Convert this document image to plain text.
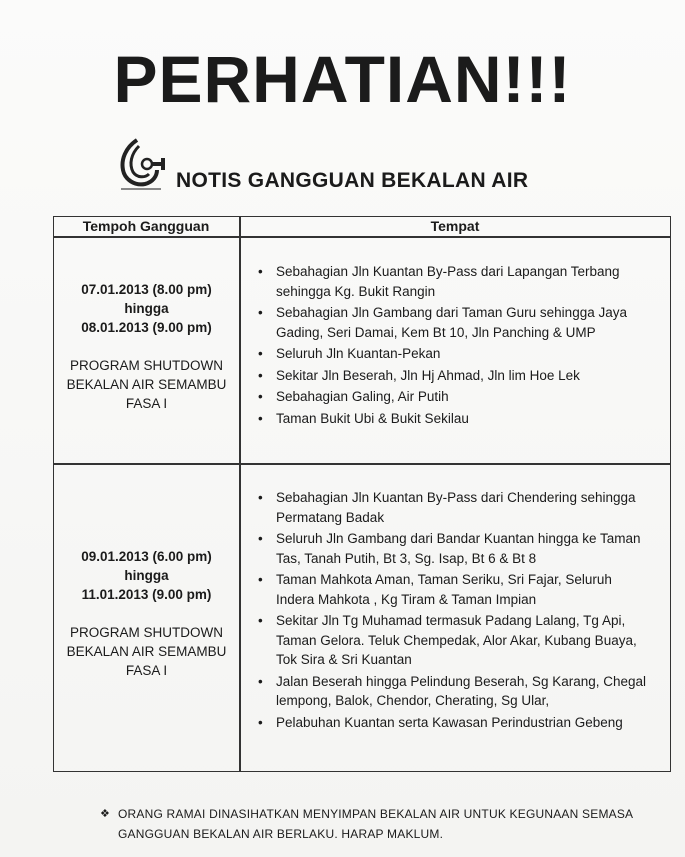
PERHATIAN!!!
NOTIS GANGGUAN BEKALAN AIR
Tempoh Gangguan	Tempat
07.01.2013 (8.00 pm)
hingga
08.01.2013 (9.00 pm)
PROGRAM SHUTDOWN BEKALAN AIR SEMAMBU FASA I
• Sebahagian Jln Kuantan By-Pass dari Lapangan Terbang sehingga Kg. Bukit Rangin
• Sebahagian Jln Gambang dari Taman Guru sehingga Jaya Gading, Seri Damai, Kem Bt 10, Jln Panching & UMP
• Seluruh Jln Kuantan-Pekan
• Sekitar Jln Beserah, Jln Hj Ahmad, Jln lim Hoe Lek
• Sebahagian Galing, Air Putih
• Taman Bukit Ubi & Bukit Sekilau
09.01.2013 (6.00 pm)
hingga
11.01.2013 (9.00 pm)
PROGRAM SHUTDOWN BEKALAN AIR SEMAMBU FASA I
• Sebahagian Jln Kuantan By-Pass dari Chendering sehingga Permatang Badak
• Seluruh Jln Gambang dari Bandar Kuantan hingga ke Taman Tas, Tanah Putih, Bt 3, Sg. Isap, Bt 6 & Bt 8
• Taman Mahkota Aman, Taman Seriku, Sri Fajar, Seluruh Indera Mahkota , Kg Tiram & Taman Impian
• Sekitar Jln Tg Muhamad termasuk Padang Lalang, Tg Api, Taman Gelora. Teluk Chempedak, Alor Akar, Kubang Buaya, Tok Sira & Sri Kuantan
• Jalan Beserah hingga Pelindung Beserah, Sg Karang, Chegal lempong, Balok, Chendor, Cherating, Sg Ular,
• Pelabuhan Kuantan serta Kawasan Perindustrian Gebeng
❖ ORANG RAMAI DINASIHATKAN MENYIMPAN BEKALAN AIR UNTUK KEGUNAAN SEMASA GANGGUAN BEKALAN AIR BERLAKU. HARAP MAKLUM.
